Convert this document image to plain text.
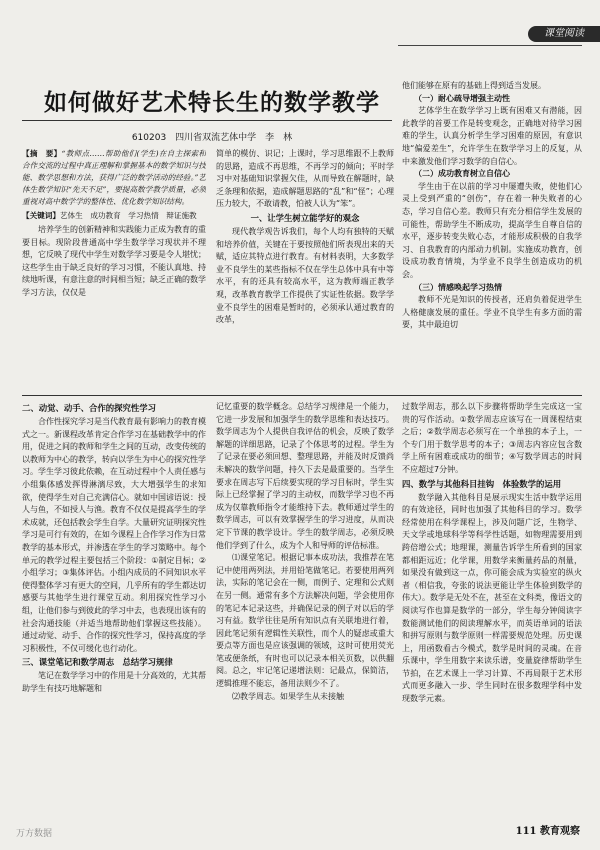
课堂阅读
如何做好艺术特长生的数学教学
610203　四川省双流艺体中学　李　林

【摘　要】“教师点……帮助他们(学生)在自主探索和合作交流的过程中真正理解和掌握基本的数学知识与技能、数学思想和方法，获得广泛的数学活动的经验。”艺体生数学知识“先天不足”，要提高数学教学质量，必须重视对高中数学学的整体性、优化数学知识结构。

【关键词】艺体生　成功教育　学习热情　辩证施教

培养学生的创新精神和实践能力正成为教育的重要目标。现阶段普通高中学生数学学习现状并不理想，它反映了现代中学生对数学学习要是令人堪忧；这些学生由于缺乏良好的学习习惯，不能认真地、持续地听课，有意注意的时间相当短；缺乏正确的数学学习方法，仅仅是

简单的模仿、识记；上课时，学习思维跟不上教师的思路，造成不再思维，不再学习的倾向；平时学习中对基础知识掌握欠佳，从而导致在解题时，缺乏条理和依据，造成解题思路的“乱”和“怪”；心理压力较大，不敢请教，怕被人认为“笨”。

一、让学生树立能学好的观念

现代教学观告诉我们，每个人均有独特的天赋和培养价值，关键在于要按照他们所表现出来的天赋，适应其特点进行教育。有材料表明，大多数学业不良学生的某些指标不仅在学生总体中具有中等水平，有的还具有较高水平，这为教师端正教学观，改革教育教学工作提供了实证性依据。数学学业不良学生的困难是暂时的，必须承认通过教育的改革，

他们能够在原有的基础上得到适当发展。

（一）耐心疏导增强主动性

艺体学生在数学学习上既有困难又有潜能，因此教学的首要工作是转变观念，正确地对待学习困难的学生，认真分析学生学习困难的原因，有意识地“偏爱差生”，允许学生在数学学习上的反复，从中来激发他们学习数学的自信心。

（二）成功教育树立自信心

学生由于在以前的学习中屡遭失败，使他们心灵上受到严重的“创伤”，存在着一种失败者的心态，学习自信心差。教师只有充分相信学生发展的可能性，帮助学生不断成功，提高学生自尊自信的水平，逐步转变失败心态，才能形成积极的自我学习、自我教育的内部动力机制。实施成功教育，创设成功教育情境，为学业不良学生创造成功的机会。

（三）情感唤起学习热情

教师不光是知识的传授者，还肩负着促进学生人格健康发展的重任。学业不良学生有多方面的需要，其中最迫切

二、动觉、动手、合作的探究性学习

合作性探究学习是当代教育最有影响力的教育模式之一。新课程改革肯定合作学习在基础教学中的作用，促进之间的教师和学生之间的互动，改变传统的以教师为中心的教学，转向以学生为中心的探究性学习。学生学习彼此依赖，在互动过程中个人责任感与小组集体感发挥得淋漓尽致，大大增强学生的求知欲，使得学生对自己充满信心。就如中国谚语说：授人与鱼，不如授人与渔。教育不仅仅是提高学生的学术成就，还包括教会学生自学。大量研究证明探究性学习是可行有效的，在如今课程上合作学习作为日常教学的基本形式，并渗透在学生的学习策略中。每个单元的教学过程主要包括三个阶段：①制定目标；②小组学习；③集体评估。小组内成员的不同知识水平使得整体学习有更大的空间，几乎所有的学生都达切感要与其他学生进行课堂互动。利用探究性学习小组，让他们参与到彼此的学习中去，也表现出该有的社会沟通技能（并适当地帮助他们掌握这些技能）。通过动觉、动手、合作的探究性学习，保持高度的学习积极性，不仅可缓化也行动化。

三、课堂笔记和数学周志　总结学习规律

笔记在数学学习中的作用是十分高效的，尤其帮助学生有技巧地解题和

记忆重要的数学概念。总结学习规律是一个能力，它进一步发展和加强学生的数学思维和表达技巧。数学周志为个人提供自我评估的机会，反映了数学解题的详细思路，记录了个体思考的过程。学生为了记录在要必须回想、整理思路，并能及时反馈尚未解决的数学问题，持久下去是最重要的。当学生要求在周志写下后续要实现的学习目标时，学生实际上已经掌握了学习的主动权，而数学学习也不再成为仅靠教师指令才能维持下去。教师通过学生的数学周志，可以有效掌握学生的学习进度，从而决定下节课的教学设计。学生的数学周志，必须反映他们学到了什么，成为个人和导师的评估标准。

⑴课堂笔记。根据记事本成功法，我推荐在笔记中使用两列法，并用铅笔做笔记。若要使用两列法，实际的笔记会在一侧，而例子、定理和公式则在另一侧。通常有多个方法解决问题，学会使用你的笔记本记录这些，并确保记录的例子对以后的学习有益。数学往往是所有知识点有关联地进行着，因此笔记须有逻辑性关联性，而个人的疑虑或重大要点等方面也是应该强调的领域，这时可使用荧光笔或便条纸，有时也可以记录本相关页数，以供翻阅。总之，牢记笔记递增法则：记最点，保简洁，逻辑推理不能忘，备用法则少不了。

⑵教学周志。如果学生从未接触

过数学周志，那么以下步骤将帮助学生完成这一宝贵的写作活动。①数学周志应该写在一周课程结束之后；②数学周志必须写在一个单独的本子上，一个专门用于数学思考的本子；③周志内容应包含数学上所有困难或成功的细节；④写数学周志的时间不应超过7分钟。

四、数学与其他科目挂钩　体验数学的运用

数学融入其他科目是展示现实生活中数学运用的有效途径，同时也加强了其他科目的学习。数学经常使用在科学课程上，涉及问题广泛，生物学、天文学或地球科学等科学性话题，如物理需要用到跨倍增公式；地理课，测量告诉学生所看到的国家都相距远近；化学课，用数学来衡量药品的剂量，如果没有做到这一点，你可能会成为实验室的纵火者（相信我，夸张的说法更能让学生体验到数学的伟大）。数学是无处不在，甚至在文科类，像语文的阅读写作也算是数学的一部分，学生每分钟阅读字数能测试他们的阅读理解水平，而英语单词的语法和拼写原则与数学原则一样需要规范处理。历史课上，用函数看古今模式，数学是时间的灵魂。在音乐课中，学生用数字来读乐谱，变量旋律帮助学生节拍，在艺术课上一学习计算、不再局限于艺术形式而更多融入一步、学生同时在很多数理学科中发现数学元素。

万方数据	111 教育观察
